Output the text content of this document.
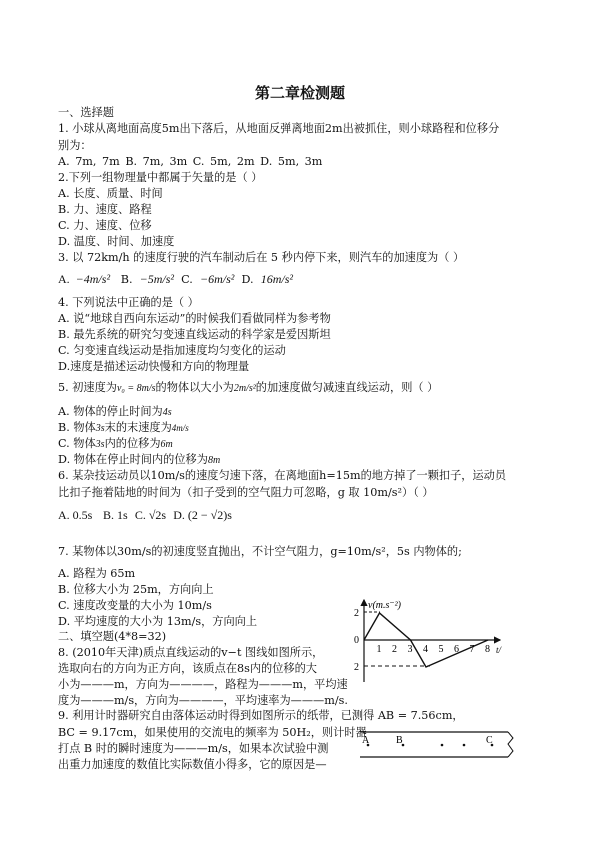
第二章检测题
一、选择题
1. 小球从离地面高度5m出下落后，从地面反弹离地面2m出被抓住，则小球路程和位移分
别为：
A. 7m, 7m B. 7m, 3m C. 5m, 2m D. 5m, 3m
2.下列一组物理量中都属于矢量的是（ ）
A. 长度、质量、时间
B. 力、速度、路程
C. 力、速度、位移
D. 温度、时间、加速度
3. 以 72km/h 的速度行驶的汽车制动后在 5 秒内停下来，则汽车的加速度为（ ）
A.  −4m/s² B. −5m/s² C. −6m/s² D. 16m/s²
4. 下列说法中正确的是（ ）
A. 说“地球自西向东运动”的时候我们看做同样为参考物
B. 最先系统的研究匀变速直线运动的科学家是爱因斯坦
C. 匀变速直线运动是指加速度均匀变化的运动
D.速度是描述运动快慢和方向的物理量
5. 初速度为v₀ = 8m/s的物体以大小为2m/s²的加速度做匀减速直线运动，则（ ）
A. 物体的停止时间为4s
B. 物体3s末的末速度为4m/s
C. 物体3s内的位移为6m
D. 物体在停止时间内的位移为8m
6. 某杂技运动员以10m/s的速度匀速下落，在离地面h=15m的地方掉了一颗扣子，运动员
比扣子拖着陆地的时间为（扣子受到的空气阻力可忽略，g 取 10m/s²）（ ）
A. 0.5s B. 1s C. √2s D. (2 − √2)s
7. 某物体以30m/s的初速度竖直抛出，不计空气阻力，g=10m/s²，5s 内物体的;
A. 路程为 65m
B. 位移大小为 25m，方向向上
C. 速度改变量的大小为 10m/s
D. 平均速度的大小为 13m/s，方向向上
二、填空题(4*8=32)
8. (2010年天津)质点直线运动的v−t 图线如图所示，
选取向右的方向为正方向，该质点在8s内的位移的大
小为———m，方向为————，路程为———m，平均速
度为———m/s，方向为————，平均速率为———m/s.
9. 利用计时器研究自由落体运动时得到如图所示的纸带，已测得 AB = 7.56cm，
BC = 9.17cm，如果使用的交流电的频率为 50H₂，则计时器
打点 B 时的瞬时速度为———m/s，如果本次试验中测
出重力加速度的数值比实际数值小得多，它的原因是—
v(m.s⁻²)
t/
2
0
2
1 2 3 4 5 6 7 8
A	B	C
